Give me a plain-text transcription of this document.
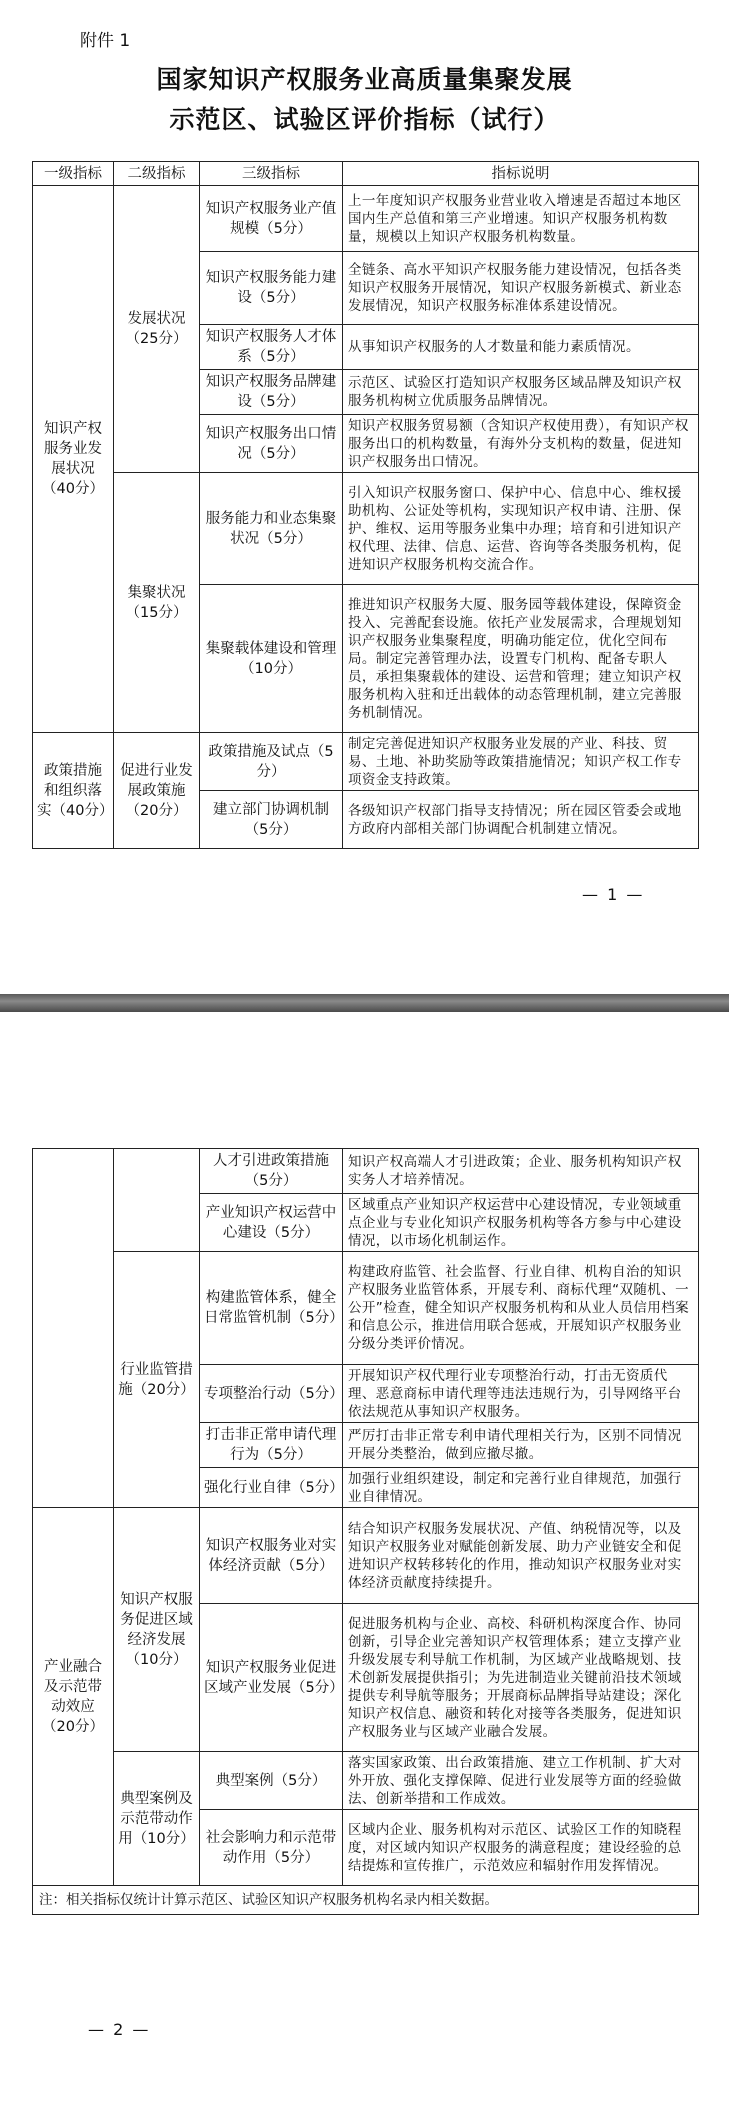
附件 1
国家知识产权服务业高质量集聚发展
示范区、试验区评价指标（试行）
一级指标	二级指标	三级指标	指标说明
知识产权服务业发展状况（40分）	发展状况（25分）	知识产权服务业产值规模（5分）	上一年度知识产权服务业营业收入增速是否超过本地区国内生产总值和第三产业增速。知识产权服务机构数量，规模以上知识产权服务机构数量。
		知识产权服务能力建设（5分）	全链条、高水平知识产权服务能力建设情况，包括各类知识产权服务开展情况，知识产权服务新模式、新业态发展情况，知识产权服务标准体系建设情况。
		知识产权服务人才体系（5分）	从事知识产权服务的人才数量和能力素质情况。
		知识产权服务品牌建设（5分）	示范区、试验区打造知识产权服务区域品牌及知识产权服务机构树立优质服务品牌情况。
		知识产权服务出口情况（5分）	知识产权服务贸易额（含知识产权使用费），有知识产权服务出口的机构数量，有海外分支机构的数量，促进知识产权服务出口情况。
	集聚状况（15分）	服务能力和业态集聚状况（5分）	引入知识产权服务窗口、保护中心、信息中心、维权援助机构、公证处等机构，实现知识产权申请、注册、保护、维权、运用等服务业集中办理；培育和引进知识产权代理、法律、信息、运营、咨询等各类服务机构，促进知识产权服务机构交流合作。
		集聚载体建设和管理（10分）	推进知识产权服务大厦、服务园等载体建设，保障资金投入、完善配套设施。依托产业发展需求，合理规划知识产权服务业集聚程度，明确功能定位，优化空间布局。制定完善管理办法，设置专门机构、配备专职人员，承担集聚载体的建设、运营和管理；建立知识产权服务机构入驻和迁出载体的动态管理机制，建立完善服务机制情况。
政策措施和组织落实（40分）	促进行业发展政策施（20分）	政策措施及试点（5分）	制定完善促进知识产权服务业发展的产业、科技、贸易、土地、补助奖励等政策措施情况；知识产权工作专项资金支持政策。
		建立部门协调机制（5分）	各级知识产权部门指导支持情况；所在园区管委会或地方政府内部相关部门协调配合机制建立情况。
— 1 —
		人才引进政策措施（5分）	知识产权高端人才引进政策；企业、服务机构知识产权实务人才培养情况。
		产业知识产权运营中心建设（5分）	区域重点产业知识产权运营中心建设情况，专业领域重点企业与专业化知识产权服务机构等各方参与中心建设情况，以市场化机制运作。
	行业监管措施（20分）	构建监管体系，健全日常监管机制（5分）	构建政府监管、社会监督、行业自律、机构自治的知识产权服务业监管体系，开展专利、商标代理“双随机、一公开”检查，健全知识产权服务机构和从业人员信用档案和信息公示，推进信用联合惩戒，开展知识产权服务业分级分类评价情况。
		专项整治行动（5分）	开展知识产权代理行业专项整治行动，打击无资质代理、恶意商标申请代理等违法违规行为，引导网络平台依法规范从事知识产权服务。
		打击非正常申请代理行为（5分）	严厉打击非正常专利申请代理相关行为，区别不同情况开展分类整治，做到应撤尽撤。
		强化行业自律（5分）	加强行业组织建设，制定和完善行业自律规范，加强行业自律情况。
产业融合及示范带动效应（20分）	知识产权服务促进区域经济发展（10分）	知识产权服务业对实体经济贡献（5分）	结合知识产权服务发展状况、产值、纳税情况等，以及知识产权服务业对赋能创新发展、助力产业链安全和促进知识产权转移转化的作用，推动知识产权服务业对实体经济贡献度持续提升。
		知识产权服务业促进区域产业发展（5分）	促进服务机构与企业、高校、科研机构深度合作、协同创新，引导企业完善知识产权管理体系；建立支撑产业升级发展专利导航工作机制，为区域产业战略规划、技术创新发展提供指引；为先进制造业关键前沿技术领域提供专利导航等服务；开展商标品牌指导站建设；深化知识产权信息、融资和转化对接等各类服务，促进知识产权服务业与区域产业融合发展。
	典型案例及示范带动作用（10分）	典型案例（5分）	落实国家政策、出台政策措施、建立工作机制、扩大对外开放、强化支撑保障、促进行业发展等方面的经验做法、创新举措和工作成效。
		社会影响力和示范带动作用（5分）	区域内企业、服务机构对示范区、试验区工作的知晓程度，对区域内知识产权服务的满意程度；建设经验的总结提炼和宣传推广，示范效应和辐射作用发挥情况。
注：相关指标仅统计计算示范区、试验区知识产权服务机构名录内相关数据。			
— 2 —
